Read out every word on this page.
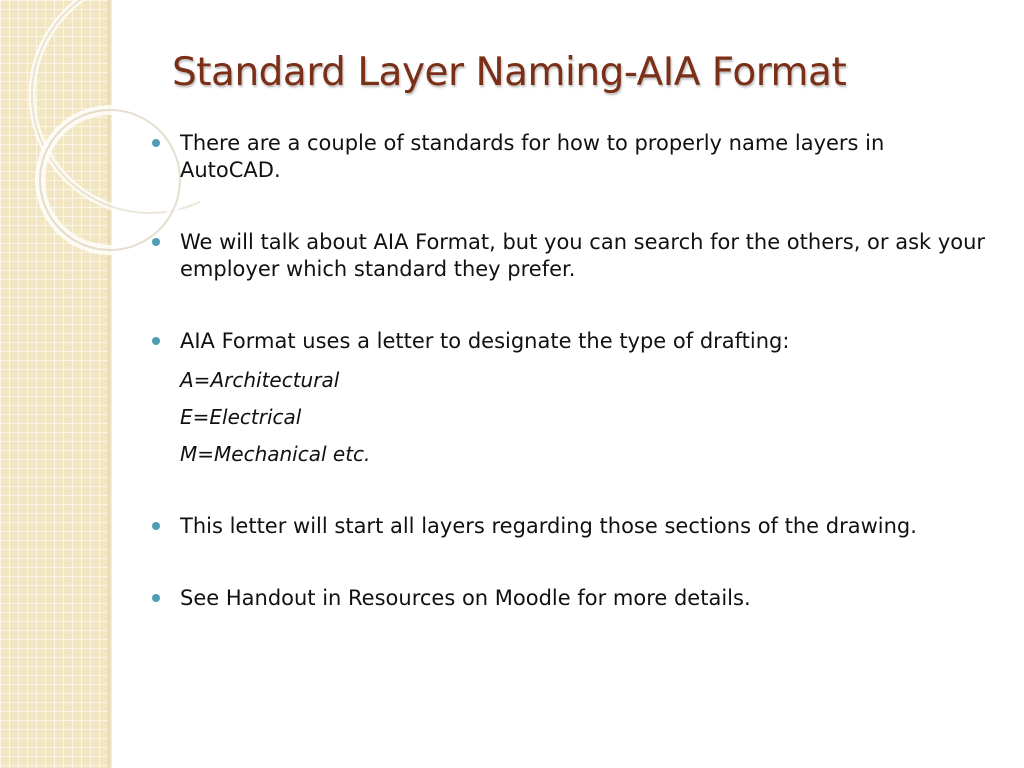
Standard Layer Naming-AIA Format
There are a couple of standards for how to properly name layers in AutoCAD.
We will talk about AIA Format, but you can search for the others, or ask your employer which standard they prefer.
AIA Format uses a letter to designate the type of drafting:
A=Architectural
E=Electrical
M=Mechanical etc.
This letter will start all layers regarding those sections of the drawing.
See Handout in Resources on Moodle for more details.
